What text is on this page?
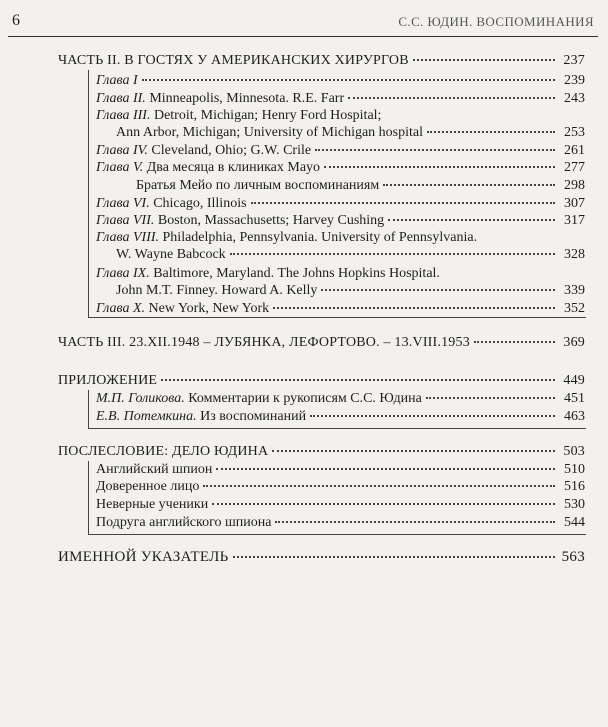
6	С.С. ЮДИН. ВОСПОМИНАНИЯ
ЧАСТЬ II. В ГОСТЯХ У АМЕРИКАНСКИХ ХИРУРГОВ	237
Глава I	239
Глава II. Minneapolis, Minnesota. R.E. Farr	243
Глава III. Detroit, Michigan; Henry Ford Hospital;
Ann Arbor, Michigan; University of Michigan hospital	253
Глава IV. Cleveland, Ohio; G.W. Crile	261
Глава V. Два месяца в клиниках Mayo	277
Братья Мейо по личным воспоминаниям	298
Глава VI. Chicago, Illinois	307
Глава VII. Boston, Massachusetts; Harvey Cushing	317
Глава VIII. Philadelphia, Pennsylvania. University of Pennsylvania.
W. Wayne Babcock	328
Глава IX. Baltimore, Maryland. The Johns Hopkins Hospital.
John M.T. Finney. Howard A. Kelly	339
Глава X. New York, New York	352
ЧАСТЬ III. 23.XII.1948 – ЛУБЯНКА, ЛЕФОРТОВО. – 13.VIII.1953	369
ПРИЛОЖЕНИЕ	449
М.П. Голикова. Комментарии к рукописям С.С. Юдина	451
Е.В. Потемкина. Из воспоминаний	463
ПОСЛЕСЛОВИЕ: ДЕЛО ЮДИНА	503
Английский шпион	510
Доверенное лицо	516
Неверные ученики	530
Подруга английского шпиона	544
ИМЕННОЙ УКАЗАТЕЛЬ	563
